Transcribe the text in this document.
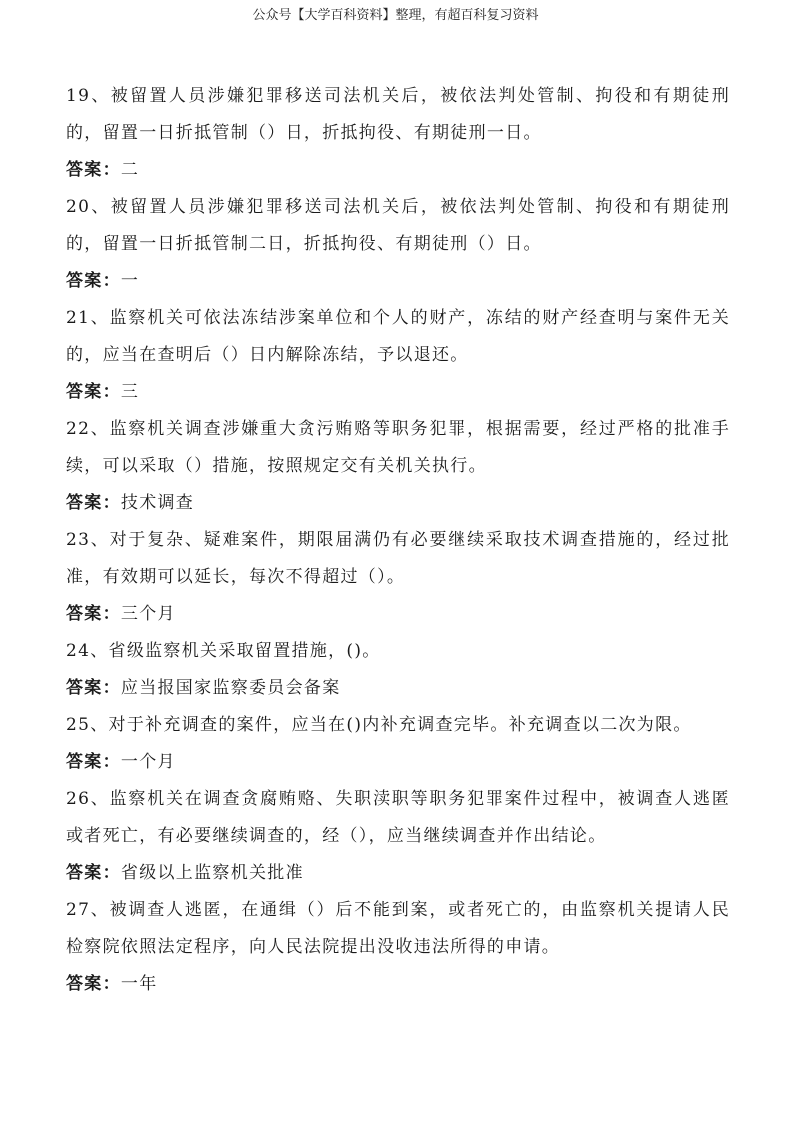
公众号【大学百科资料】整理，有超百科复习资料

19、被留置人员涉嫌犯罪移送司法机关后，被依法判处管制、拘役和有期徒刑的，留置一日折抵管制（）日，折抵拘役、有期徒刑一日。

答案：二

20、被留置人员涉嫌犯罪移送司法机关后，被依法判处管制、拘役和有期徒刑的，留置一日折抵管制二日，折抵拘役、有期徒刑（）日。

答案：一

21、监察机关可依法冻结涉案单位和个人的财产，冻结的财产经查明与案件无关的，应当在查明后（）日内解除冻结，予以退还。

答案：三

22、监察机关调查涉嫌重大贪污贿赂等职务犯罪，根据需要，经过严格的批准手续，可以采取（）措施，按照规定交有关机关执行。

答案：技术调查

23、对于复杂、疑难案件，期限届满仍有必要继续采取技术调查措施的，经过批准，有效期可以延长，每次不得超过（）。

答案：三个月

24、省级监察机关采取留置措施，()。

答案：应当报国家监察委员会备案

25、对于补充调查的案件，应当在()内补充调查完毕。补充调查以二次为限。

答案：一个月

26、监察机关在调查贪腐贿赂、失职渎职等职务犯罪案件过程中，被调查人逃匿或者死亡，有必要继续调查的，经（），应当继续调查并作出结论。

答案：省级以上监察机关批准

27、被调查人逃匿，在通缉（）后不能到案，或者死亡的，由监察机关提请人民检察院依照法定程序，向人民法院提出没收违法所得的申请。

答案：一年
